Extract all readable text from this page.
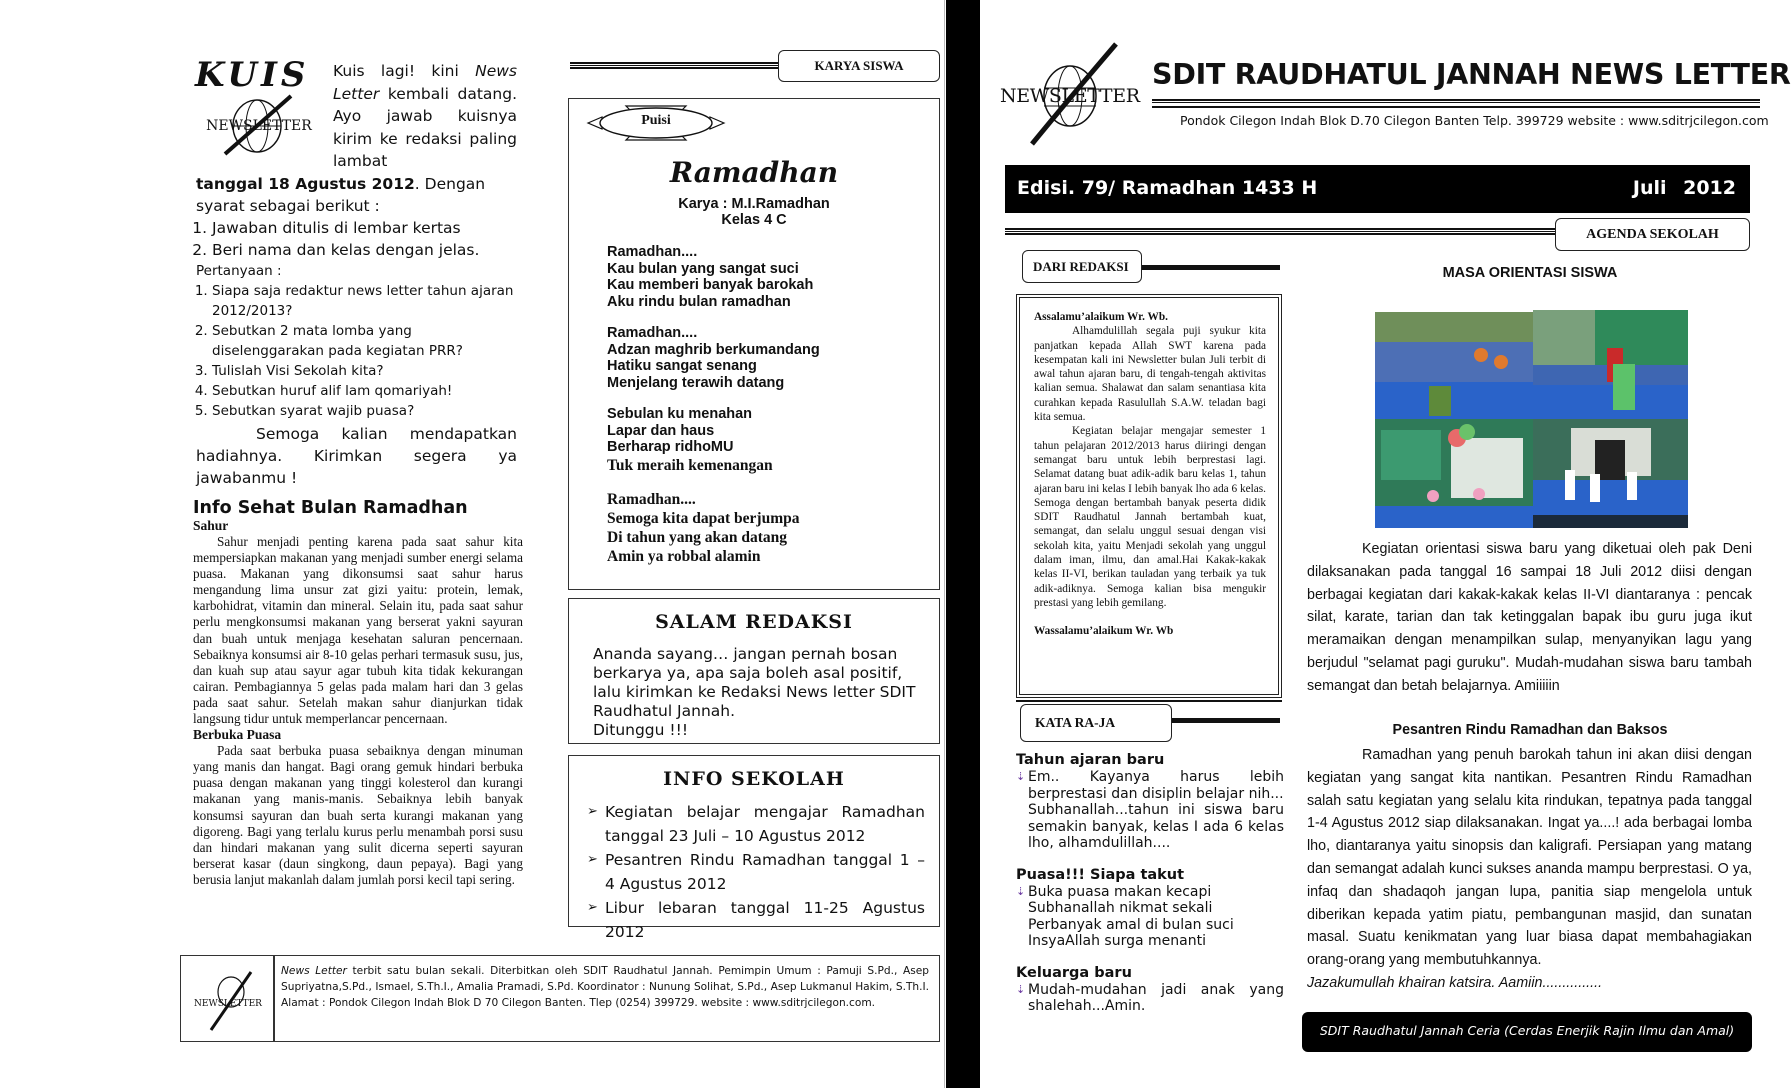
KUIS
NEWSLETTER
Kuis lagi! kini News Letter kembali datang. Ayo jawab kuisnya kirim ke redaksi paling lambat
tanggal 18 Agustus 2012. Dengan syarat sebagai berikut :
1. Jawaban ditulis di lembar kertas
2. Beri nama dan kelas dengan jelas.
Pertanyaan :
1. Siapa saja redaktur news letter tahun ajaran 2012/2013?
2. Sebutkan 2 mata lomba yang diselenggarakan pada kegiatan PRR?
3. Tulislah Visi Sekolah kita?
4. Sebutkan huruf alif lam qomariyah!
5. Sebutkan syarat wajib puasa?
Semoga kalian mendapatkan hadiahnya. Kirimkan segera ya jawabanmu !
Info Sehat Bulan Ramadhan
Sahur

Sahur menjadi penting karena pada saat sahur kita mempersiapkan makanan yang menjadi sumber energi selama puasa. Makanan yang dikonsumsi saat sahur harus mengandung lima unsur zat gizi yaitu: protein, lemak, karbohidrat, vitamin dan mineral. Selain itu, pada saat sahur perlu mengkonsumsi makanan yang berserat yakni sayuran dan buah untuk menjaga kesehatan saluran pencernaan. Sebaiknya konsumsi air 8-10 gelas perhari termasuk susu, jus, dan kuah sup atau sayur agar tubuh kita tidak kekurangan cairan. Pembagiannya 5 gelas pada malam hari dan 3 gelas pada saat sahur. Setelah makan sahur dianjurkan tidak langsung tidur untuk memperlancar pencernaan.

Berbuka Puasa

Pada saat berbuka puasa sebaiknya dengan minuman yang manis dan hangat. Bagi orang gemuk hindari berbuka puasa dengan makanan yang tinggi kolesterol dan kurangi makanan yang manis-manis. Sebaiknya lebih banyak konsumsi sayuran dan buah serta kurangi makanan yang digoreng. Bagi yang terlalu kurus perlu menambah porsi susu dan hindari makanan yang sulit dicerna seperti sayuran berserat kasar (daun singkong, daun pepaya). Bagi yang berusia lanjut makanlah dalam jumlah porsi kecil tapi sering.

KARYA SISWA
Puisi
Ramadhan
Karya : M.I.Ramadhan
Kelas 4 C
Ramadhan....
Kau bulan yang sangat suci
Kau memberi banyak barokah
Aku rindu bulan ramadhan
Ramadhan....
Adzan maghrib berkumandang
Hatiku sangat senang
Menjelang terawih datang
Sebulan ku menahan
Lapar dan haus
Berharap ridhoMU
Tuk meraih kemenangan
Ramadhan....
Semoga kita dapat berjumpa
Di tahun yang akan datang
Amin ya robbal alamin
SALAM REDAKSI
Ananda sayang… jangan pernah bosan berkarya ya, apa saja boleh asal positif, lalu kirimkan ke Redaksi News letter SDIT Raudhatul Jannah.
Ditunggu !!!
INFO SEKOLAH
➢ Kegiatan belajar mengajar Ramadhan tanggal 23 Juli – 10 Agustus 2012
➢ Pesantren Rindu Ramadhan tanggal 1 – 4 Agustus 2012
➢ Libur lebaran tanggal 11-25 Agustus 2012
NEWSLETTER
News Letter terbit satu bulan sekali. Diterbitkan oleh SDIT Raudhatul Jannah. Pemimpin Umum : Pamuji S.Pd., Asep Supriyatna,S.Pd., Ismael, S.Th.I., Amalia Pramadi, S.Pd. Koordinator : Nunung Solihat, S.Pd., Asep Lukmanul Hakim, S.Th.I. Alamat : Pondok Cilegon Indah Blok D 70 Cilegon Banten. Tlep (0254) 399729. website : www.sditrjcilegon.com.
NEWSLETTER
SDIT RAUDHATUL JANNAH NEWS LETTER
Pondok Cilegon Indah Blok D.70 Cilegon Banten Telp. 399729 website : www.sditrjcilegon.com
Edisi. 79/ Ramadhan 1433 H	Juli 2012
AGENDA SEKOLAH
DARI REDAKSI
Assalamu’alaikum Wr. Wb.

Alhamdulillah segala puji syukur kita panjatkan kepada Allah SWT karena pada kesempatan kali ini Newsletter bulan Juli terbit di awal tahun ajaran baru, di tengah-tengah aktivitas kalian semua. Shalawat dan salam senantiasa kita curahkan kepada Rasulullah S.A.W. teladan bagi kita semua.

Kegiatan belajar mengajar semester 1 tahun pelajaran 2012/2013 harus diiringi dengan semangat baru untuk lebih berprestasi lagi. Selamat datang buat adik-adik baru kelas 1, tahun ajaran baru ini kelas I lebih banyak lho ada 6 kelas. Semoga dengan bertambah banyak peserta didik SDIT Raudhatul Jannah bertambah kuat, semangat, dan selalu unggul sesuai dengan visi sekolah kita, yaitu Menjadi sekolah yang unggul dalam iman, ilmu, dan amal.Hai Kakak-kakak kelas II-VI, berikan tauladan yang terbaik ya tuk adik-adiknya. Semoga kalian bisa mengukir prestasi yang lebih gemilang.

Wassalamu’alaikum Wr. Wb
KATA RA-JA
Tahun ajaran baru
⇣ Em.. Kayanya harus lebih berprestasi dan disiplin belajar nih...
Subhanallah...tahun ini siswa baru semakin banyak, kelas I ada 6 kelas lho, alhamdulillah....
Puasa!!! Siapa takut
⇣ Buka puasa makan kecapi
Subhanallah nikmat sekali
Perbanyak amal di bulan suci
InsyaAllah surga menanti
Keluarga baru
⇣ Mudah-mudahan jadi anak yang shalehah...Amin.
MASA ORIENTASI SISWA

Kegiatan orientasi siswa baru yang diketuai oleh pak Deni dilaksanakan pada tanggal 16 sampai 18 Juli 2012 diisi dengan berbagai kegiatan dari kakak-kakak kelas II-VI diantaranya : pencak silat, karate, tarian dan tak ketinggalan bapak ibu guru juga ikut meramaikan dengan menampilkan sulap, menyanyikan lagu yang berjudul "selamat pagi guruku". Mudah-mudahan siswa baru tambah semangat dan betah belajarnya. Amiiiiin

Pesantren Rindu Ramadhan dan Baksos

Ramadhan yang penuh barokah tahun ini akan diisi dengan kegiatan yang sangat kita nantikan. Pesantren Rindu Ramadhan salah satu kegiatan yang selalu kita rindukan, tepatnya pada tanggal 1-4 Agustus 2012 siap dilaksanakan. Ingat ya....! ada berbagai lomba lho, diantaranya yaitu sinopsis dan kaligrafi. Persiapan yang matang dan semangat adalah kunci sukses ananda mampu berprestasi. O ya, infaq dan shadaqoh jangan lupa, panitia siap mengelola untuk diberikan kepada yatim piatu, pembangunan masjid, dan sunatan masal. Suatu kenikmatan yang luar biasa dapat membahagiakan orang-orang yang membutuhkannya.

Jazakumullah khairan katsira. Aamiin...............
SDIT Raudhatul Jannah Ceria (Cerdas Enerjik Rajin Ilmu dan Amal)
